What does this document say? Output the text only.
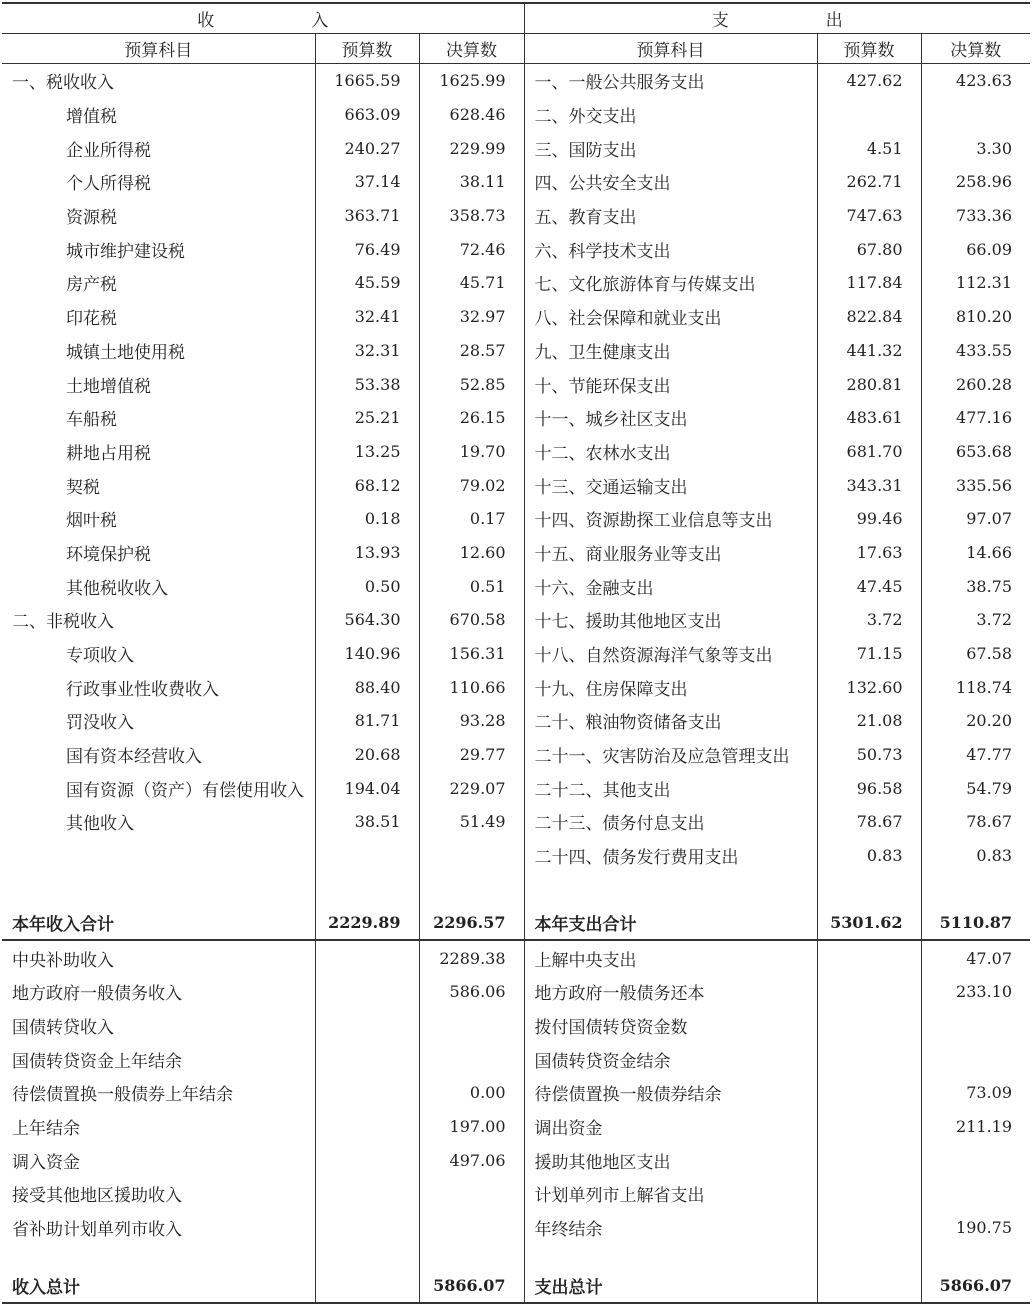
收　入			支　出		
预算科目	预算数	决算数	预算科目	预算数	决算数
一、税收收入	1665.59	1625.99	一、一般公共服务支出	427.62	423.63
增值税	663.09	628.46	二、外交支出		
企业所得税	240.27	229.99	三、国防支出	4.51	3.30
个人所得税	37.14	38.11	四、公共安全支出	262.71	258.96
资源税	363.71	358.73	五、教育支出	747.63	733.36
城市维护建设税	76.49	72.46	六、科学技术支出	67.80	66.09
房产税	45.59	45.71	七、文化旅游体育与传媒支出	117.84	112.31
印花税	32.41	32.97	八、社会保障和就业支出	822.84	810.20
城镇土地使用税	32.31	28.57	九、卫生健康支出	441.32	433.55
土地增值税	53.38	52.85	十、节能环保支出	280.81	260.28
车船税	25.21	26.15	十一、城乡社区支出	483.61	477.16
耕地占用税	13.25	19.70	十二、农林水支出	681.70	653.68
契税	68.12	79.02	十三、交通运输支出	343.31	335.56
烟叶税	0.18	0.17	十四、资源勘探工业信息等支出	99.46	97.07
环境保护税	13.93	12.60	十五、商业服务业等支出	17.63	14.66
其他税收收入	0.50	0.51	十六、金融支出	47.45	38.75
二、非税收入	564.30	670.58	十七、援助其他地区支出	3.72	3.72
专项收入	140.96	156.31	十八、自然资源海洋气象等支出	71.15	67.58
行政事业性收费收入	88.40	110.66	十九、住房保障支出	132.60	118.74
罚没收入	81.71	93.28	二十、粮油物资储备支出	21.08	20.20
国有资本经营收入	20.68	29.77	二十一、灾害防治及应急管理支出	50.73	47.77
国有资源（资产）有偿使用收入	194.04	229.07	二十二、其他支出	96.58	54.79
其他收入	38.51	51.49	二十三、债务付息支出	78.67	78.67
			二十四、债务发行费用支出	0.83	0.83

本年收入合计	2229.89	2296.57	本年支出合计	5301.62	5110.87
中央补助收入		2289.38	上解中央支出		47.07
地方政府一般债务收入		586.06	地方政府一般债务还本		233.10
国债转贷收入			拨付国债转贷资金数		
国债转贷资金上年结余			国债转贷资金结余		
待偿债置换一般债券上年结余		0.00	待偿债置换一般债券结余		73.09
上年结余		197.00	调出资金		211.19
调入资金		497.06	援助其他地区支出		
接受其他地区援助收入			计划单列市上解省支出		
省补助计划单列市收入			年终结余		190.75

收入总计		5866.07	支出总计		5866.07
